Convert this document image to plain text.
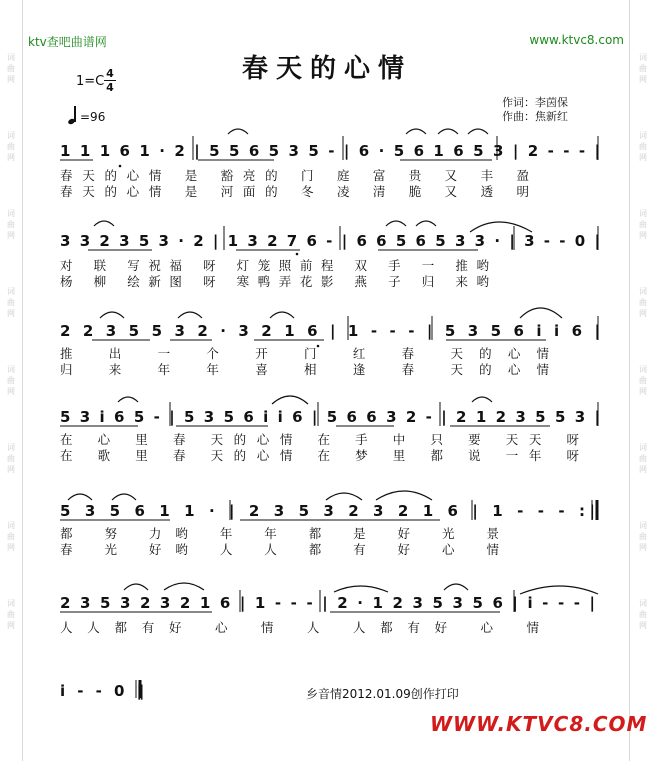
词
曲
网
词
曲
网
词
曲
网
词
曲
网
词
曲
网
词
曲
网
词
曲
网
词
曲
网
词
曲
网
词
曲
网
词
曲
网
词
曲
网
词
曲
网
词
曲
网
词
曲
网
词
曲
网
ktv查吧曲谱网	www.ktvc8.com
春天的心情
1=C
4
4
=96
作词：李茵保
作曲：焦新红
1 1 1 6 1 · 2 | 5 5 6 5 3 5 - | 6 · 5 6 1 6 5 3 | 2 - - - |
春天的心情 是 豁亮的 门 庭 富 贵 又 丰 盈
春天的心情 是 河面的 冬 凌 清 脆 又 透 明
3 3 2 3 5 3 · 2 | 1 3 2 7 6 - | 6 6 5 6 5 3 3 · | 3 - - 0 |
对 联 写祝福 呀 灯笼照前程 双 手 一 推哟
杨 柳 绘新图 呀 寒鸭弄花影 燕 子 归 来哟
2 2 3 5 5 3 2 · 3 2 1 6 | 1 - - - | 5 3 5 6 i i 6 |
推 出 一 个 开 门 红 春 天的心情
归 来 年 年 喜 相 逢 春 天的心情
5 3 i 6 5 - | 5 3 5 6 i i 6 | 5 6 6 3 2 - | 2 1 2 3 5 5 3 |
在 心 里 春 天的心情 在 手 中 只 要 天天 呀
在 歌 里 春 天的心情 在 梦 里 都 说 一年 呀
5 3 5 6 1 1 · | 2 3 5 3 2 3 2 1 6 | 1 - - - :|
都 努 力哟 年 年 都 是 好 光 景
春 光 好哟 人 人 都 有 好 心 情
2 3 5 3 2 3 2 1 6 | 1 - - - | 2 · 1 2 3 5 3 5 6 | i - - - |
人人都有好 心 情 人 人都有好 心 情
i - - 0 ‖	乡音情2012.01.09创作打印
WWW.KTVC8.COM
